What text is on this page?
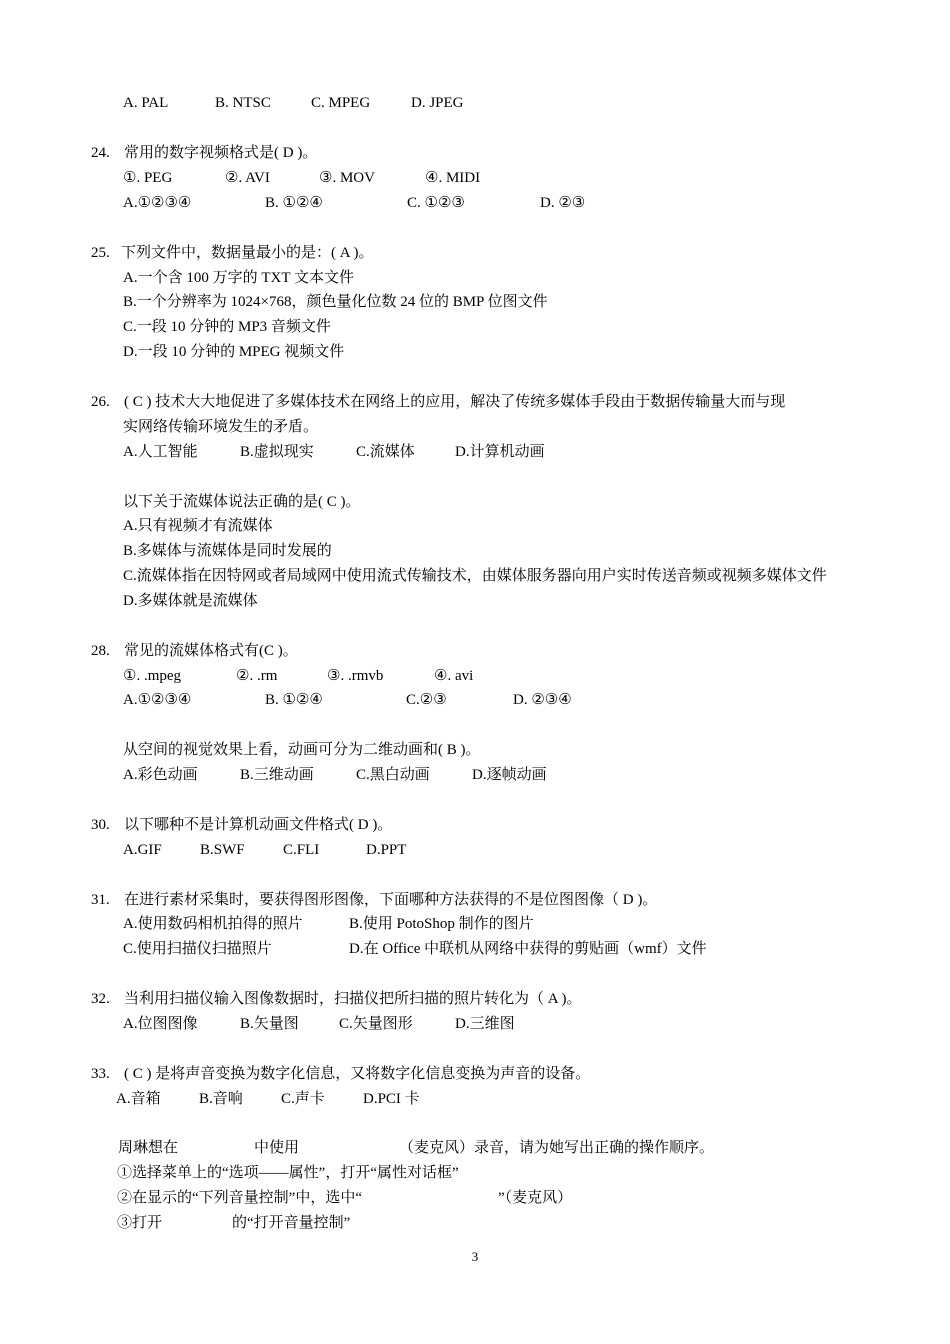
A. PAL	B. NTSC	C. MPEG	D. JPEG
24. 常用的数字视频格式是( D )。
①. PEG	②. AVI	③. MOV	④. MIDI
A.①②③④	B. ①②④	C. ①②③	D. ②③
25. 下列文件中，数据量最小的是：( A )。
A.一个含 100 万字的 TXT 文本文件
B.一个分辨率为 1024×768，颜色量化位数 24 位的 BMP 位图文件
C.一段 10 分钟的 MP3 音频文件
D.一段 10 分钟的 MPEG 视频文件
26. ( C ) 技术大大地促进了多媒体技术在网络上的应用，解决了传统多媒体手段由于数据传输量大而与现
实网络传输环境发生的矛盾。
A.人工智能	B.虚拟现实	C.流媒体	D.计算机动画
以下关于流媒体说法正确的是( C )。
A.只有视频才有流媒体
B.多媒体与流媒体是同时发展的
C.流媒体指在因特网或者局域网中使用流式传输技术，由媒体服务器向用户实时传送音频或视频多媒体文件
D.多媒体就是流媒体
28. 常见的流媒体格式有(C )。
①. .mpeg	②. .rm	③. .rmvb	④. avi
A.①②③④	B. ①②④	C.②③	D. ②③④
从空间的视觉效果上看，动画可分为二维动画和( B )。
A.彩色动画	B.三维动画	C.黑白动画	D.逐帧动画
30. 以下哪种不是计算机动画文件格式( D )。
A.GIF	B.SWF	C.FLI	D.PPT
31. 在进行素材采集时，要获得图形图像，下面哪种方法获得的不是位图图像（ D )。
A.使用数码相机拍得的照片	B.使用 PotoShop 制作的图片
C.使用扫描仪扫描照片	D.在 Office 中联机从网络中获得的剪贴画（wmf）文件
32. 当利用扫描仪输入图像数据时，扫描仪把所扫描的照片转化为（ A )。
A.位图图像	B.矢量图	C.矢量图形	D.三维图
33. ( C ) 是将声音变换为数字化信息，又将数字化信息变换为声音的设备。
A.音箱	B.音响	C.声卡	D.PCI 卡
周琳想在	中使用	（麦克风）录音，请为她写出正确的操作顺序。
①选择菜单上的“选项——属性”，打开“属性对话框”
②在显示的“下列音量控制”中，选中“	”（麦克风）
③打开	的“打开音量控制”
3
